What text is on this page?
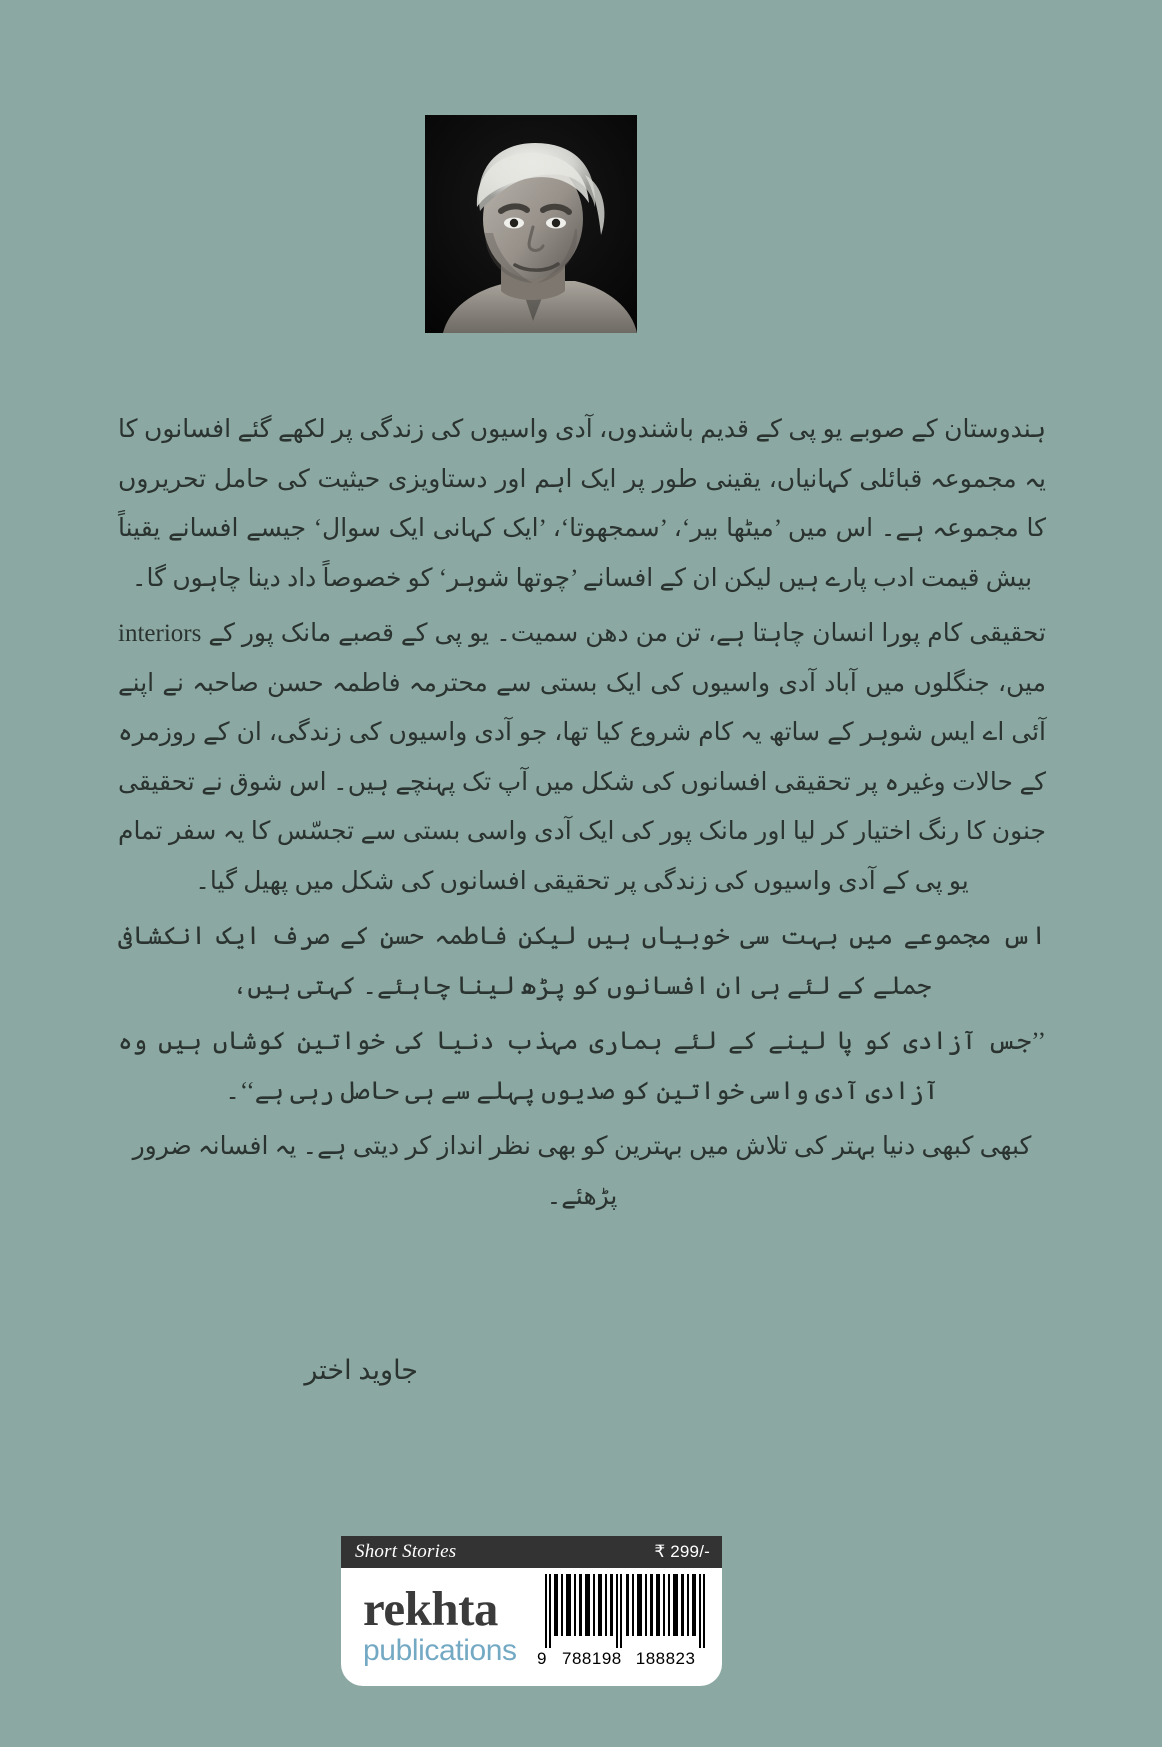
ہندوستان کے صوبے یو پی کے قدیم باشندوں، آدی واسیوں کی زندگی پر لکھے گئے افسانوں کا یہ مجموعہ قبائلی کہانیاں، یقینی طور پر ایک اہم اور دستاویزی حیثیت کی حامل تحریروں کا مجموعہ ہے۔ اس میں ’میٹھا بیر‘، ’سمجھوتا‘، ’ایک کہانی ایک سوال‘ جیسے افسانے یقیناً بیش قیمت ادب پارے ہیں لیکن ان کے افسانے ’چوتھا شوہر‘ کو خصوصاً داد دینا چاہوں گا۔

تحقیقی کام پورا انسان چاہتا ہے، تن من دھن سمیت۔ یو پی کے قصبے مانک پور کے interiors میں، جنگلوں میں آباد آدی واسیوں کی ایک بستی سے محترمہ فاطمہ حسن صاحبہ نے اپنے آئی اے ایس شوہر کے ساتھ یہ کام شروع کیا تھا، جو آدی واسیوں کی زندگی، ان کے روزمرہ کے حالات وغیرہ پر تحقیقی افسانوں کی شکل میں آپ تک پہنچے ہیں۔ اس شوق نے تحقیقی جنون کا رنگ اختیار کر لیا اور مانک پور کی ایک آدی واسی بستی سے تجسّس کا یہ سفر تمام یو پی کے آدی واسیوں کی زندگی پر تحقیقی افسانوں کی شکل میں پھیل گیا۔

اس مجموعے میں بہت سی خوبیاں ہیں لیکن فاطمہ حسن کے صرف ایک انکشافی جملے کے لئے ہی ان افسانوں کو پڑھ لینا چاہئے۔ کہتی ہیں،

’’جس آزادی کو پا لینے کے لئے ہماری مہذب دنیا کی خواتین کوشاں ہیں وہ آزادی آدی واسی خواتین کو صدیوں پہلے سے ہی حاصل رہی ہے‘‘۔

کبھی کبھی دنیا بہتر کی تلاش میں بہترین کو بھی نظر انداز کر دیتی ہے۔ یہ افسانہ ضرور پڑھئے۔

جاوید اختر
Short Stories	₹ 299/-
rekhta
publications	9 788198 188823
